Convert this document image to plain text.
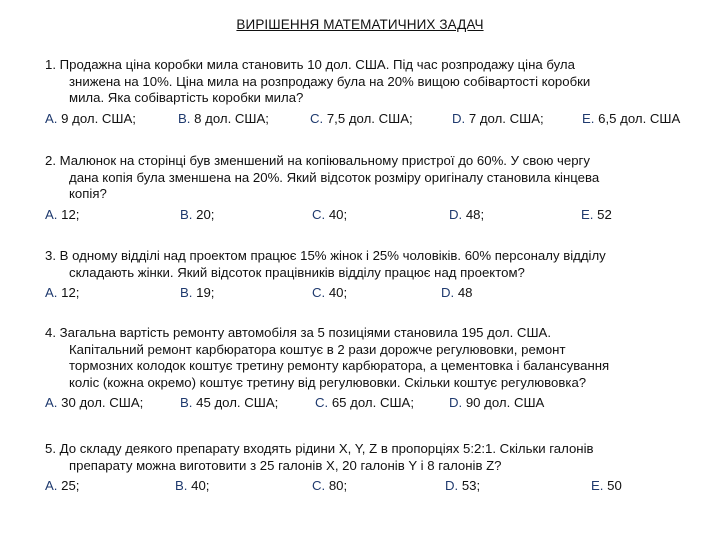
ВИРІШЕННЯ МАТЕМАТИЧНИХ ЗАДАЧ

1. Продажна ціна коробки мила становить 10 дол. США. Під час розпродажу ціна була
знижена на 10%. Ціна мила на розпродажу була на 20% вищою собівартості коробки
мила. Яка собівартість коробки мила?

A. 9 дол. США;	B. 8 дол. США;	C. 7,5 дол. США;	D. 7 дол. США;	E. 6,5 дол. США

2. Малюнок на сторінці був зменшений на копіювальному пристрої до 60%. У свою чергу
дана копія була зменшена на 20%. Який відсоток розміру оригіналу становила кінцева
копія?

A. 12;	B. 20;	C. 40;	D. 48;	E. 52

3. В одному відділі над проектом працює 15% жінок і 25% чоловіків. 60% персоналу відділу
складають жінки. Який відсоток працівників відділу працює над проектом?

A. 12;	B. 19;	C. 40;	D. 48

4. Загальна вартість ремонту автомобіля за 5 позиціями становила 195 дол. США.
Капітальний ремонт карбюратора коштує в 2 рази дорожче регулювовки, ремонт
тормозних колодок коштує третину ремонту карбюратора, а цементовка і балансування
коліс (кожна окремо) коштує третину від регулювовки. Скільки коштує регулювовка?

A. 30 дол. США;	B. 45 дол. США;	C. 65 дол. США;	D. 90 дол. США

5. До складу деякого препарату входять рідини X, Y, Z в пропорціях 5:2:1. Скільки галонів
препарату можна виготовити з 25 галонів X, 20 галонів Y і 8 галонів Z?

A. 25;	B. 40;	C. 80;	D. 53;	E. 50
